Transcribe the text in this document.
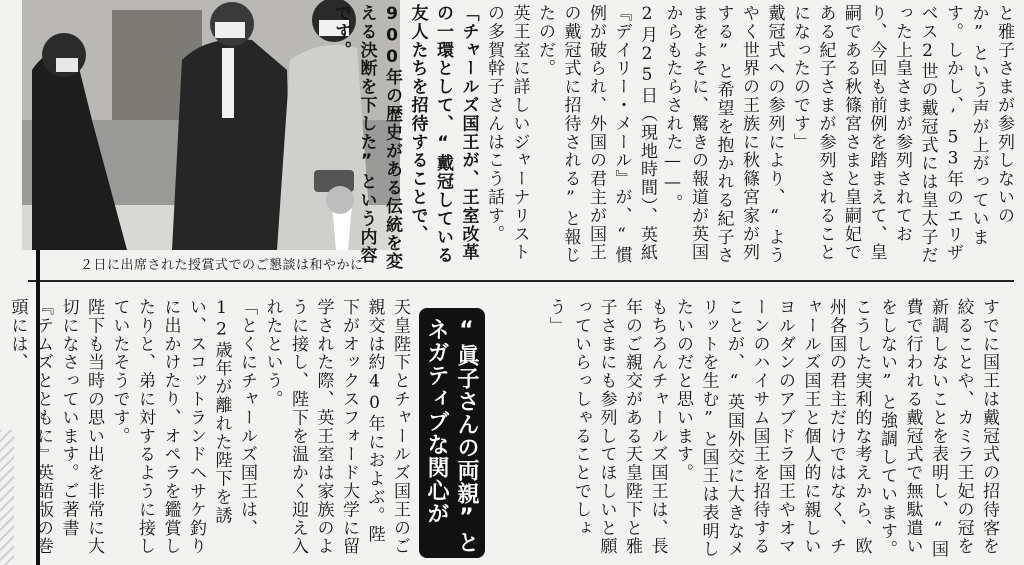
２日に出席された授賞式でのご懇談は和やかに

と雅子さまが参列しないのか”という声が上がっています。しかし、’53年のエリザベス2世の戴冠式には皇太子だった上皇さまが参列されており、今回も前例を踏まえて、皇嗣である秋篠宮さまと皇嗣妃である紀子さまが参列されることになったのです」

戴冠式への参列により、“ようやく世界の王族に秋篠宮家が列する”と希望を抱かれる紀子さまをよそに、驚きの報道が英国からもたらされた——。

2月25日（現地時間）、英紙『デイリー・メール』が、“慣例が破られ、外国の君主が国王の戴冠式に招待される”と報じたのだ。

英王室に詳しいジャーナリストの多賀幹子さんはこう話す。

「チャールズ国王が、王室改革の一環として、“戴冠している友人たちを招待することで、900年の歴史がある伝統を変える決断を下した”という内容です。

すでに国王は戴冠式の招待客を絞ることや、カミラ王妃の冠を新調しないことを表明し、“国費で行われる戴冠式で無駄遣いをしない”と強調しています。

こうした実利的な考えから、欧州各国の君主だけではなく、チャールズ国王と個人的に親しいヨルダンのアブドラ国王やオマーンのハイサム国王を招待することが、“英国外交に大きなメリットを生む”と国王は表明したいのだと思います。

もちろんチャールズ国王は、長年のご親交がある天皇陛下と雅子さまにも参列してほしいと願っていらっしゃることでしょう」

“眞子さんの両親”とネガティブな関心が

天皇陛下とチャールズ国王のご親交は約40年におよぶ。陛下がオックスフォード大学に留学された際、英王室は家族のように接し、陛下を温かく迎え入れたという。

「とくにチャールズ国王は、12歳年が離れた陛下を誘い、スコットランドへサケ釣りに出かけたり、オペラを鑑賞したりと、弟に対するように接していたそうです。

陛下も当時の思い出を非常に大切になさっています。ご著書『テムズとともに』英語版の巻頭には、
